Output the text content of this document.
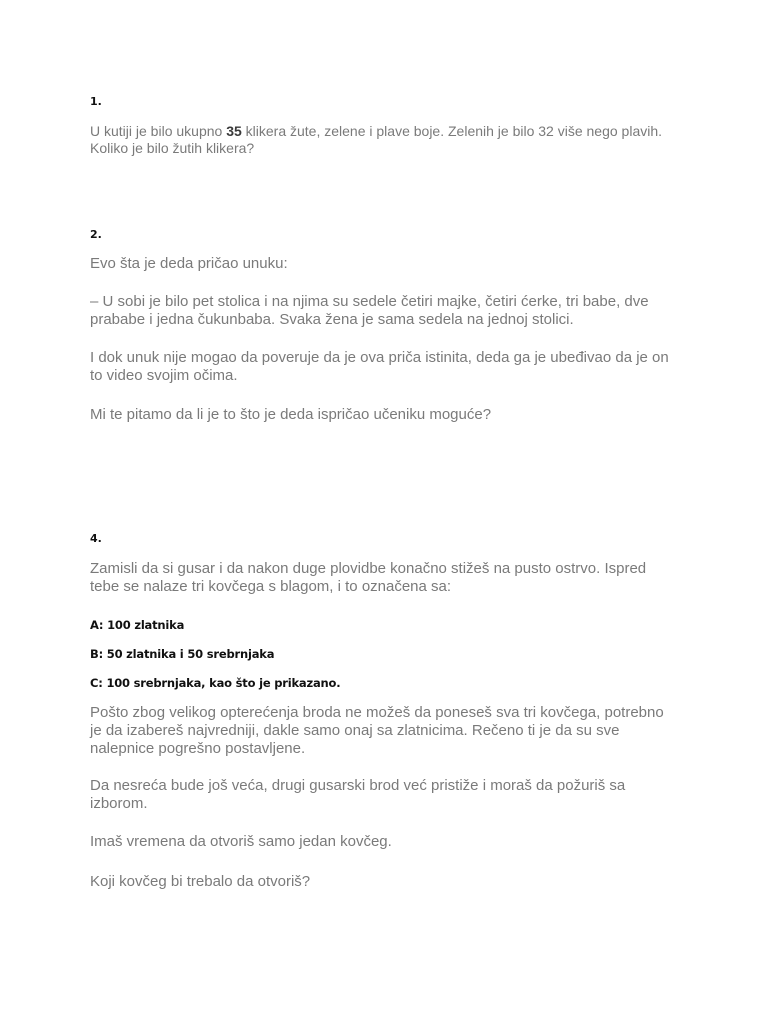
1.

U kutiji je bilo ukupno 35 klikera žute, zelene i plave boje. Zelenih je bilo 32 više nego plavih.

Koliko je bilo žutih klikera?

2.

Evo šta je deda pričao unuku:

– U sobi je bilo pet stolica i na njima su sedele četiri majke, četiri ćerke, tri babe, dve

prababe i jedna čukunbaba. Svaka žena je sama sedela na jednoj stolici.

I dok unuk nije mogao da poveruje da je ova priča istinita, deda ga je ubeđivao da je on

to video svojim očima.

Mi te pitamo da li je to što je deda ispričao učeniku moguće?

4.

Zamisli da si gusar i da nakon duge plovidbe konačno stižeš na pusto ostrvo. Ispred

tebe se nalaze tri kovčega s blagom, i to označena sa:

A: 100 zlatnika

B: 50 zlatnika i 50 srebrnjaka

C: 100 srebrnjaka, kao što je prikazano.

Pošto zbog velikog opterećenja broda ne možeš da poneseš sva tri kovčega, potrebno

je da izabereš najvredniji, dakle samo onaj sa zlatnicima. Rečeno ti je da su sve

nalepnice pogrešno postavljene.

Da nesreća bude još veća, drugi gusarski brod već pristiže i moraš da požuriš sa

izborom.

Imaš vremena da otvoriš samo jedan kovčeg.

Koji kovčeg bi trebalo da otvoriš?
